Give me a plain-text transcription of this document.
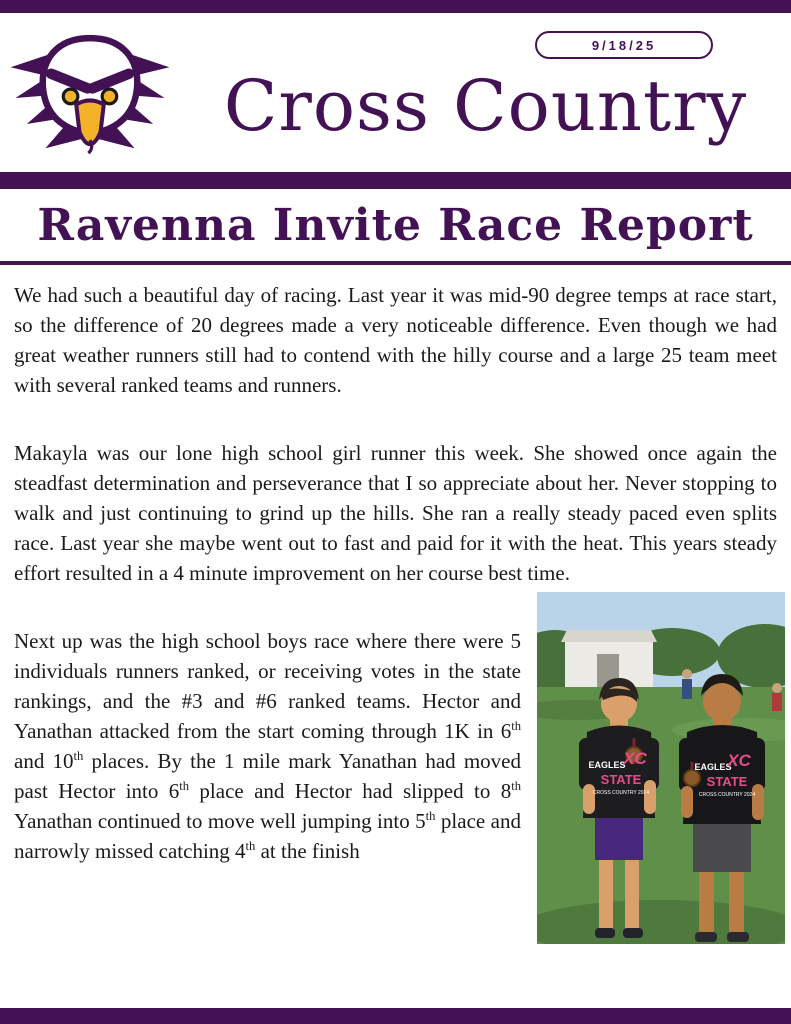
Cross Country
9/18/25
Ravenna Invite Race Report

We had such a beautiful day of racing. Last year it was mid-90 degree temps at race start, so the difference of 20 degrees made a very noticeable difference. Even though we had great weather runners still had to contend with the hilly course and a large 25 team meet with several ranked teams and runners.

Makayla was our lone high school girl runner this week. She showed once again the steadfast determination and perseverance that I so appreciate about her. Never stopping to walk and just continuing to grind up the hills. She ran a really steady paced even splits race. Last year she maybe went out to fast and paid for it with the heat. This years steady effort resulted in a 4 minute improvement on her course best time.

EAGLES
XC
STATE
CROSS COUNTRY 2024
EAGLES
XC
STATE
CROSS COUNTRY 2024

Next up was the high school boys race where there were 5 individuals runners ranked, or receiving votes in the state rankings, and the #3 and #6 ranked teams. Hector and Yanathan attacked from the start coming through 1K in 6th and 10th places. By the 1 mile mark Yanathan had moved past Hector into 6th place and Hector had slipped to 8th Yanathan continued to move well jumping into 5th place and narrowly missed catching 4th at the finish
